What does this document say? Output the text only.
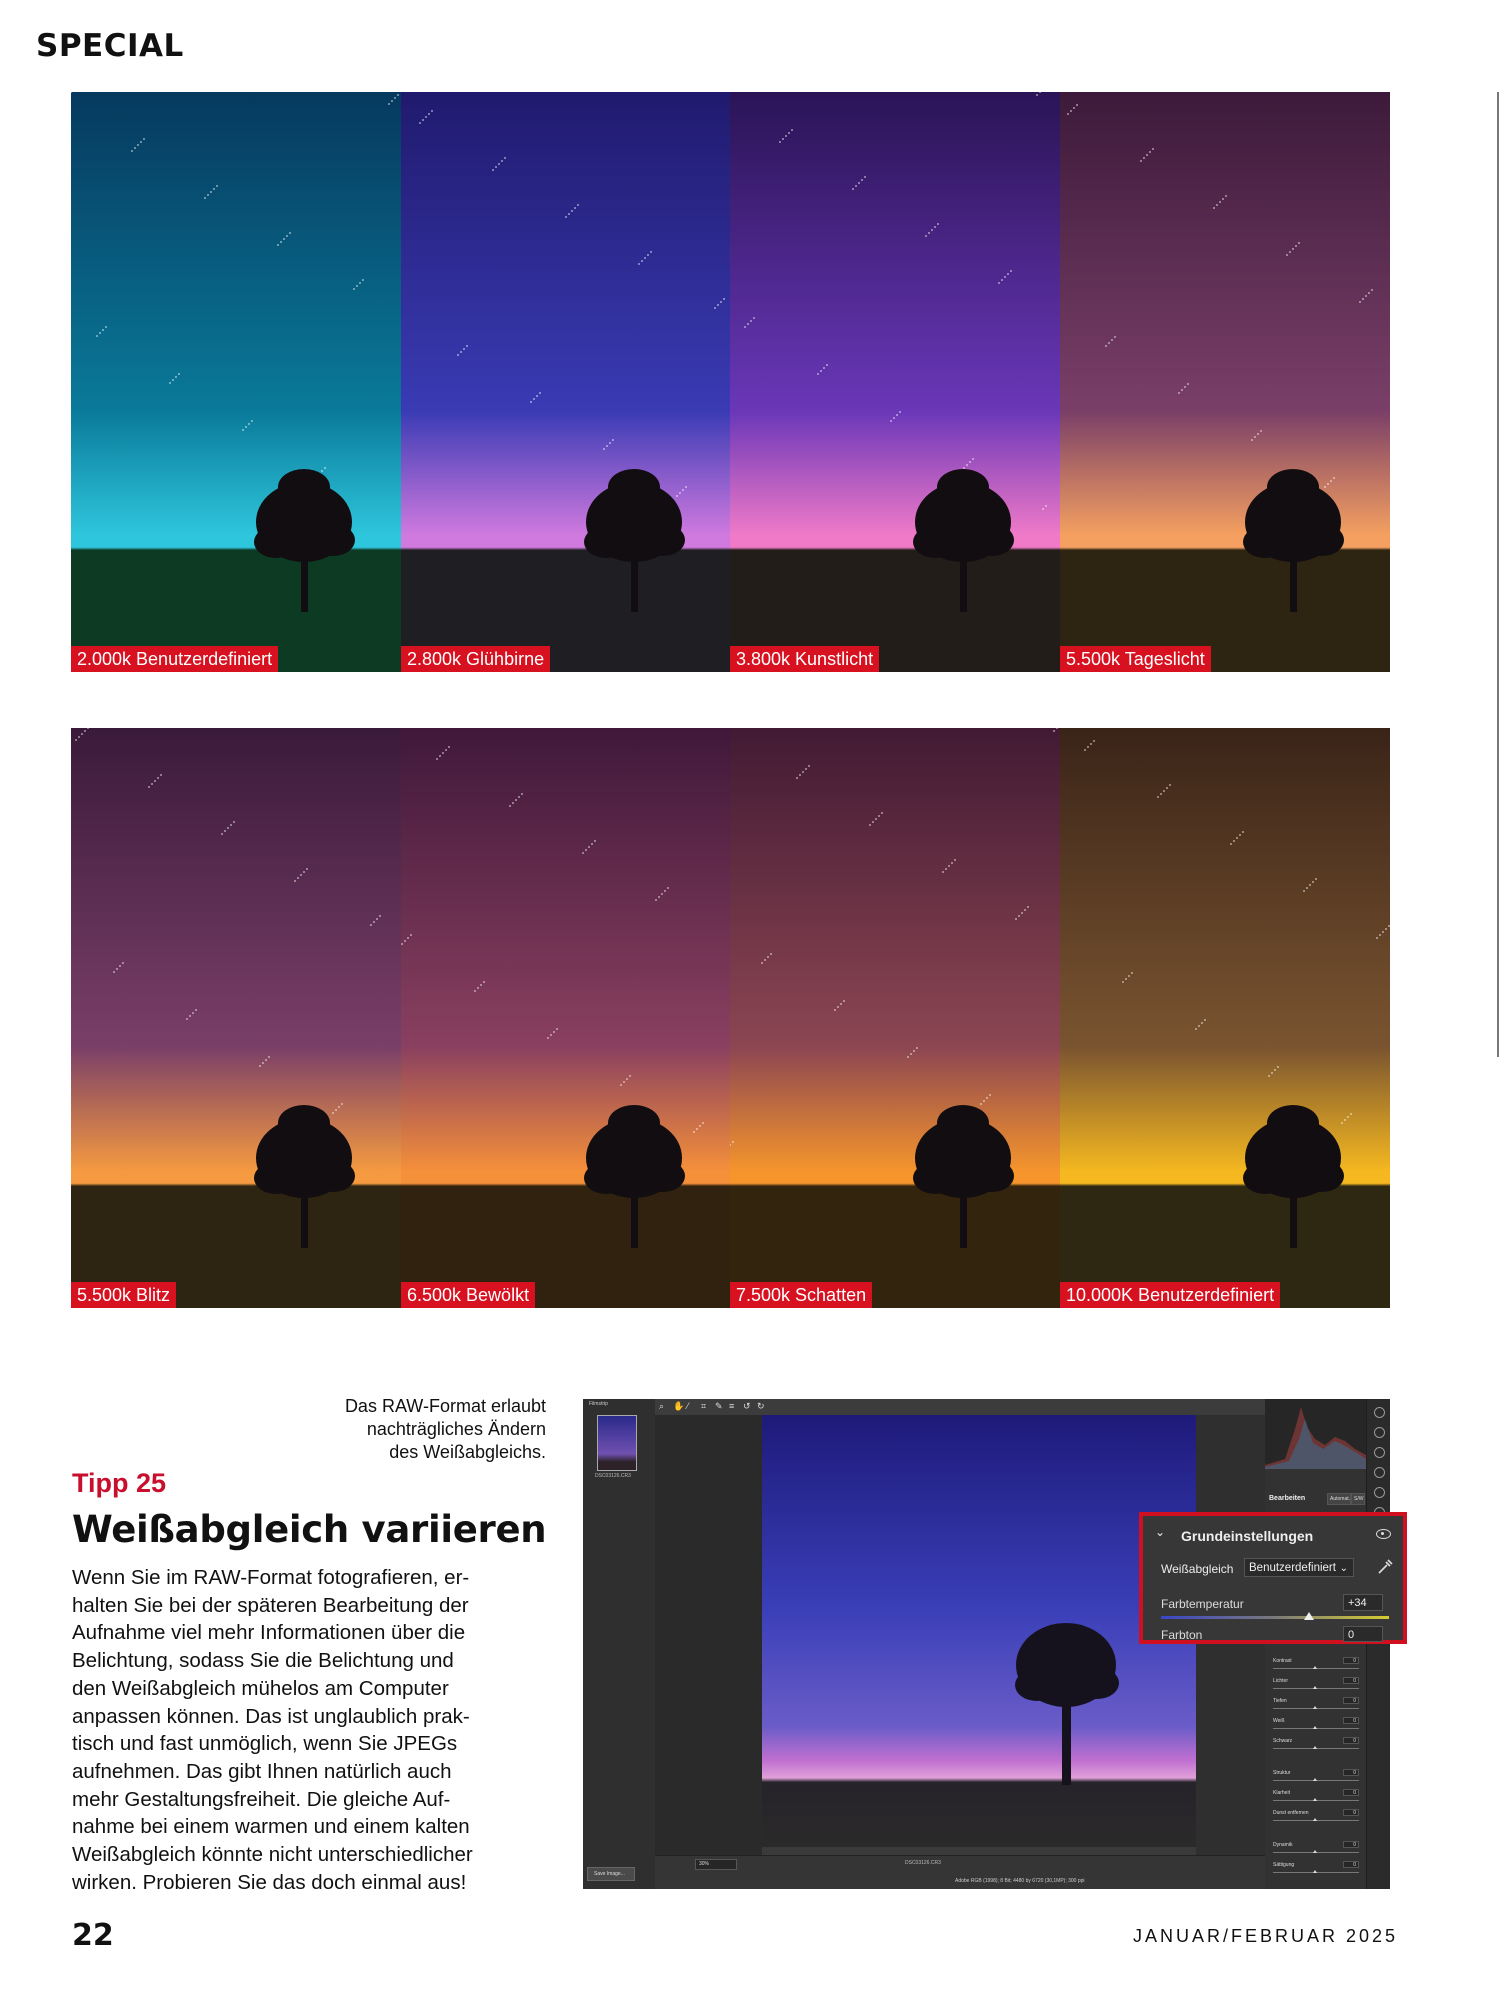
SPECIAL
2.000k Benutzerdefiniert	2.800k Glühbirne	3.800k Kunstlicht	5.500k Tageslicht
5.500k Blitz	6.500k Bewölkt	7.500k Schatten	10.000K Benutzerdefiniert
Das RAW-Format erlaubt
nachträgliches Ändern
des Weißabgleichs.
Tipp 25
Weißabgleich variieren
Wenn Sie im RAW-Format fotografieren, er-
halten Sie bei der späteren Bearbeitung der
Aufnahme viel mehr Informationen über die
Belichtung, sodass Sie die Belichtung und
den Weißabgleich mühelos am Computer
anpassen können. Das ist unglaublich prak-
tisch und fast unmöglich, wenn Sie JPEGs
aufnehmen. Das gibt Ihnen natürlich auch
mehr Gestaltungsfreiheit. Die gleiche Auf-
nahme bei einem warmen und einem kalten
Weißabgleich könnte nicht unterschiedlicher
wirken. Probieren Sie das doch einmal aus!
Filmstrip
DSC03126.CR3
⌕ ✋ ⁄ ⌗ ✎ ≡ ↺ ↻
30%	DSC03126.CR3
Adobe RGB (1998); 8 Bit; 4480 by 6720 (30,1MP); 300 ppi
Save Image...
Bearbeiten	Automat. S/W
Kontrast	0
Lichter	0
Tiefen	0
Weiß	0
Schwarz	0
Struktur	0
Klarheit	0
Dunst entfernen	0
Dynamik	0
Sättigung	0
⌄ Grundeinstellungen
Weißabgleich	Benutzerdefiniert ⌄
Farbtemperatur	+34
Farbton	0
22	JANUAR/FEBRUAR 2025
